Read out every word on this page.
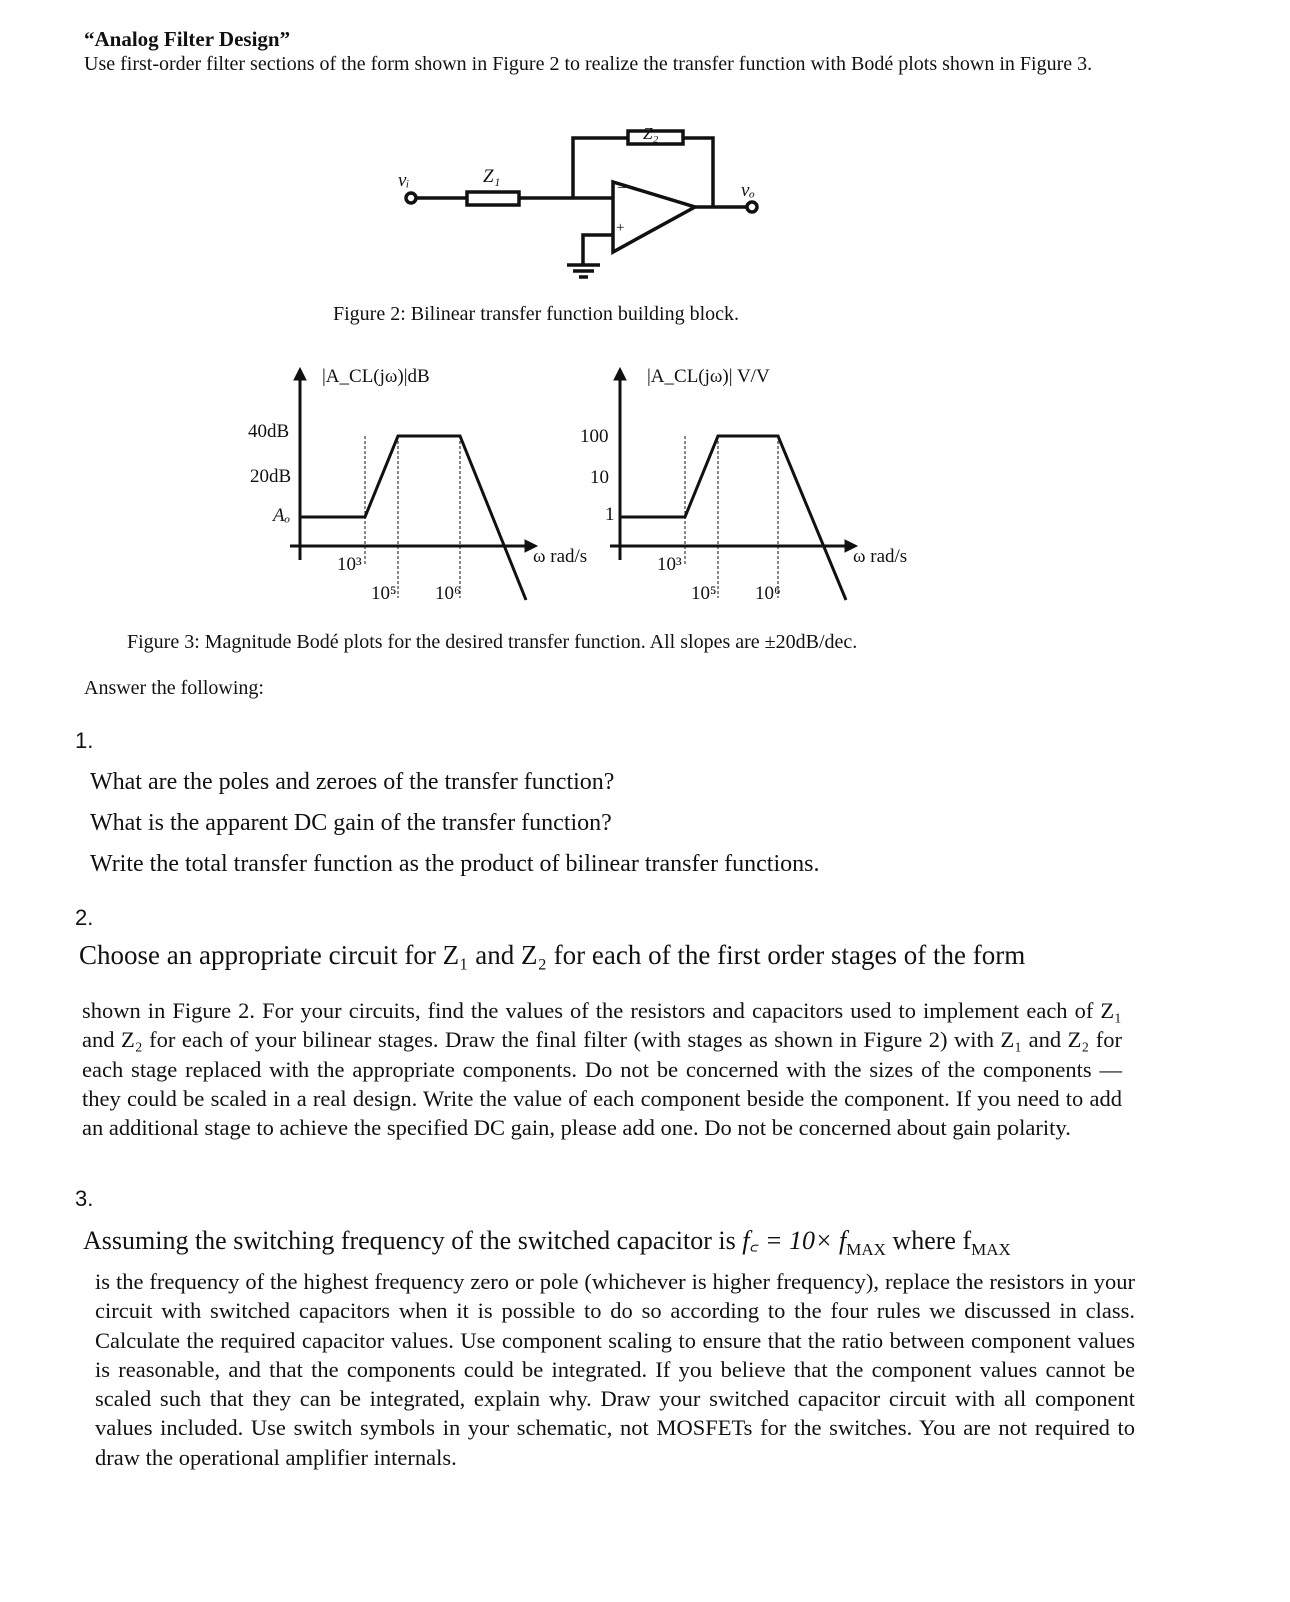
“Analog Filter Design”
Use first-order filter sections of the form shown in Figure 2 to realize the transfer function with Bodé plots shown in Figure 3.
vᵢ	Z₁
Z₂
vₒ
−
+
Figure 2: Bilinear transfer function building block.
|A_CL(jω)|dB
40dB
20dB
Aₒ
ω rad/s
10³
10⁵ 10⁶
|A_CL(jω)| V/V
100
10
1
ω rad/s
10³
10⁵ 10⁶
Figure 3: Magnitude Bodé plots for the desired transfer function. All slopes are ±20dB/dec.
Answer the following:
1.
What are the poles and zeroes of the transfer function?
What is the apparent DC gain of the transfer function?
Write the total transfer function as the product of bilinear transfer functions.
2.
Choose an appropriate circuit for Z₁ and Z₂ for each of the first order stages of the form
shown in Figure 2. For your circuits, find the values of the resistors and capacitors used to implement each of Z₁ and Z₂ for each of your bilinear stages. Draw the final filter (with stages as shown in Figure 2) with Z₁ and Z₂ for each stage replaced with the appropriate components. Do not be concerned with the sizes of the components — they could be scaled in a real design. Write the value of each component beside the component. If you need to add an additional stage to achieve the specified DC gain, please add one. Do not be concerned about gain polarity.
3.
Assuming the switching frequency of the switched capacitor is f꜀ = $10\times f_{MAX}$ where $f_{MAX}$
is the frequency of the highest frequency zero or pole (whichever is higher frequency), replace the resistors in your circuit with switched capacitors when it is possible to do so according to the four rules we discussed in class. Calculate the required capacitor values. Use component scaling to ensure that the ratio between component values is reasonable, and that the components could be integrated. If you believe that the component values cannot be scaled such that they can be integrated, explain why. Draw your switched capacitor circuit with all component values included. Use switch symbols in your schematic, not MOSFETs for the switches. You are not required to draw the operational amplifier internals.
